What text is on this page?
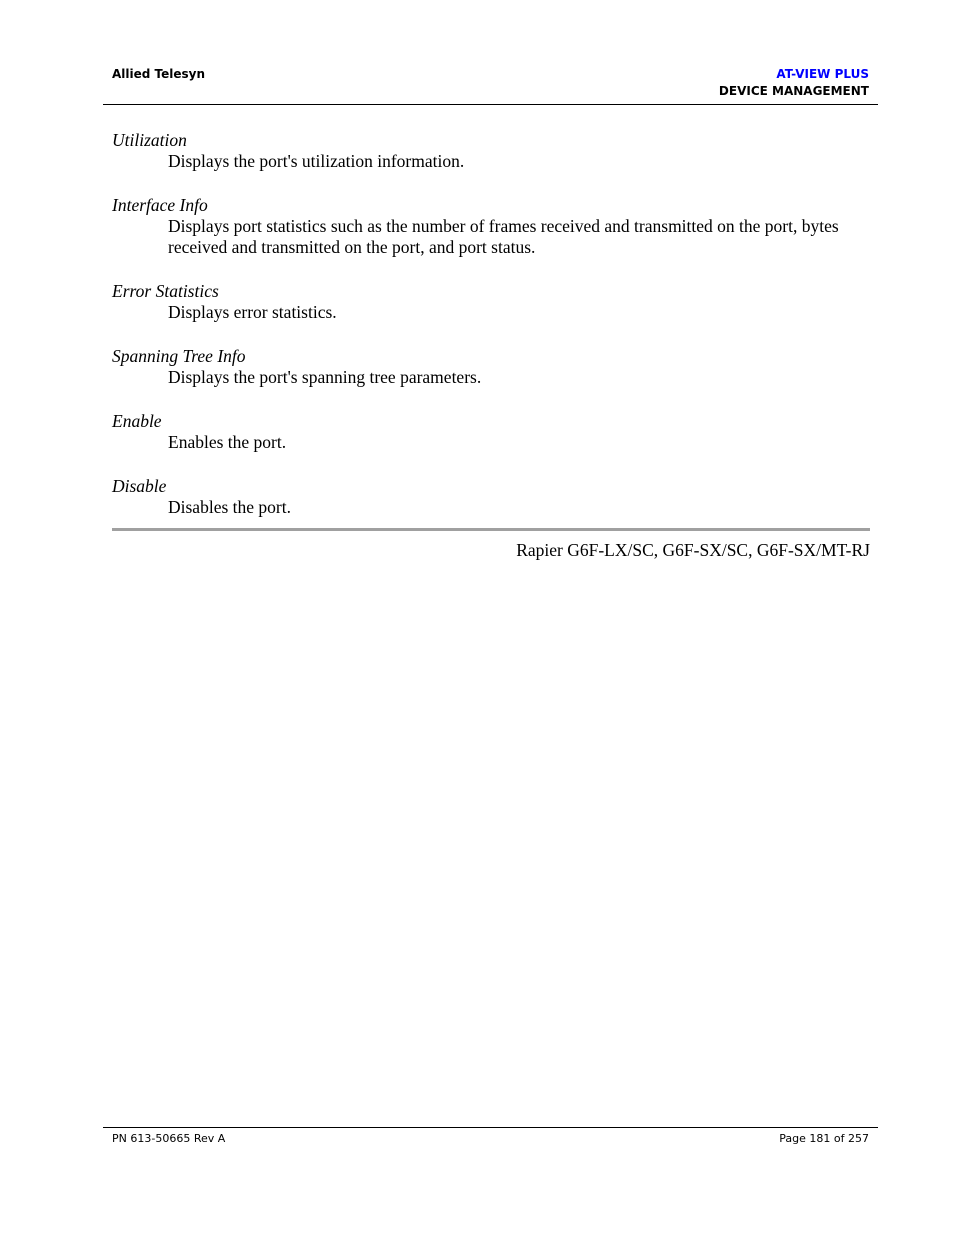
Allied Telesyn	AT-VIEW PLUS
DEVICE MANAGEMENT
Utilization
Displays the port's utilization information.
Interface Info
Displays port statistics such as the number of frames received and transmitted on the port, bytes received and transmitted on the port, and port status.
Error Statistics
Displays error statistics.
Spanning Tree Info
Displays the port's spanning tree parameters.
Enable
Enables the port.
Disable
Disables the port.
Rapier G6F-LX/SC, G6F-SX/SC, G6F-SX/MT-RJ
PN 613-50665 Rev A	Page 181 of 257
